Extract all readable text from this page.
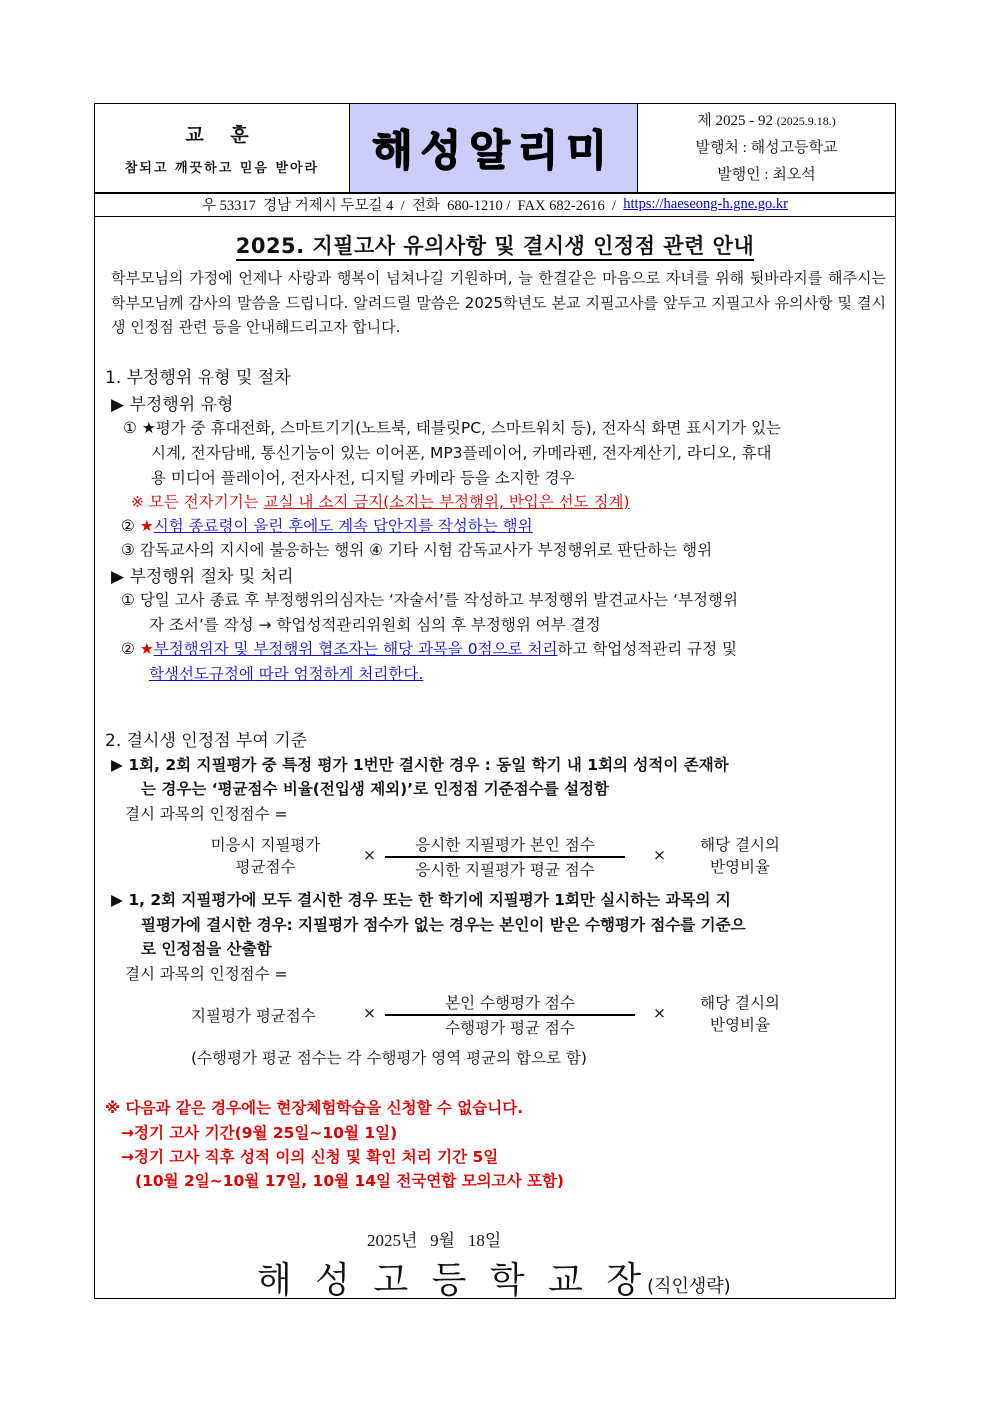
교 훈
참되고 깨끗하고 믿음 받아라 해성알리미
제 2025 - 92 (2025.9.18.)
발행처 : 해성고등학교
발행인 : 최오석
우 53317  경남 거제시 두모길 4  /  전화  680-1210 /  FAX 682-2616  / https://haeseong-h.gne.go.kr
2025. 지필고사 유의사항 및 결시생 인정점 관련 안내
학부모님의 가정에 언제나 사랑과 행복이 넘쳐나길 기원하며, 늘 한결같은 마음으로 자녀를 위해 뒷바라지를 해주시는 학부모님께 감사의 말씀을 드립니다. 알려드릴 말씀은 2025학년도 본교 지필고사를 앞두고 지필고사 유의사항 및 결시생 인정점 관련 등을 안내해드리고자 합니다.
1. 부정행위 유형 및 절차
▶ 부정행위 유형
① ★평가 중 휴대전화, 스마트기기(노트북, 태블릿PC, 스마트워치 등), 전자식 화면 표시기가 있는
시계, 전자담배, 통신기능이 있는 이어폰, MP3플레이어, 카메라펜, 전자계산기, 라디오, 휴대
용 미디어 플레이어, 전자사전, 디지털 카메라 등을 소지한 경우
※ 모든 전자기기는 교실 내 소지 금지(소지는 부정행위, 반입은 선도 징계)
② ★시험 종료령이 울린 후에도 계속 답안지를 작성하는 행위
③ 감독교사의 지시에 불응하는 행위 ④ 기타 시험 감독교사가 부정행위로 판단하는 행위
▶ 부정행위 절차 및 처리
① 당일 고사 종료 후 부정행위의심자는 ‘자술서’를 작성하고 부정행위 발견교사는 ‘부정행위
자 조서’를 작성 → 학업성적관리위원회 심의 후 부정행위 여부 결정
② ★부정행위자 및 부정행위 협조자는 해당 과목을 0점으로 처리하고 학업성적관리 규정 및
학생선도규정에 따라 엄정하게 처리한다.
2. 결시생 인정점 부여 기준
▶ 1회, 2회 지필평가 중 특정 평가 1번만 결시한 경우 : 동일 학기 내 1회의 성적이 존재하
는 경우는 ‘평균점수 비율(전입생 제외)’로 인정점 기준점수를 설정함
결시 과목의 인정점수 =
미응시 지필평가
평균점수
×
응시한 지필평가 본인 점수
응시한 지필평가 평균 점수
×
해당 결시의
반영비율
▶ 1, 2회 지필평가에 모두 결시한 경우 또는 한 학기에 지필평가 1회만 실시하는 과목의 지
필평가에 결시한 경우: 지필평가 점수가 없는 경우는 본인이 받은 수행평가 점수를 기준으
로 인정점을 산출함
결시 과목의 인정점수 =
지필평가 평균점수	×
본인 수행평가 점수
수행평가 평균 점수
×
해당 결시의
반영비율
(수행평가 평균 점수는 각 수행평가 영역 평균의 합으로 함)
※ 다음과 같은 경우에는 현장체험학습을 신청할 수 없습니다.
→정기 고사 기간(9월 25일~10월 1일)
→정기 고사 직후 성적 이의 신청 및 확인 처리 기간 5일
(10월 2일~10월 17일, 10월 14일 전국연합 모의고사 포함)
2025년   9월   18일
해 성 고 등 학 교 장(직인생략)
